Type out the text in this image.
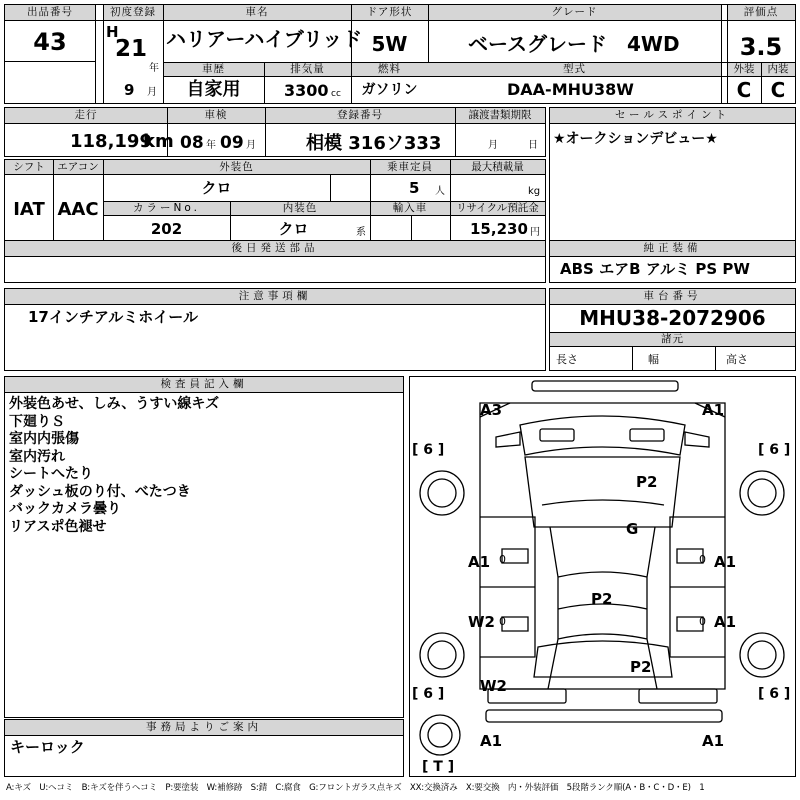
出品番号
43
初度登録
H
21
年
9 月
車名
ハリアーハイブリッド
ドア形状
5W
グレード
ベースグレード　4WD
評価点
3.5
外装	内装
C C
車歴
自家用
排気量
3300 cc
燃料
ガソリン
型式
DAA-MHU38W
走行
118,199
km
車検
08 年 09 月
登録番号
相模 316ソ333
譲渡書類期限
月	日
セールスポイント
★オークションデビュー★
シフト
IAT
エアコン
AAC
外装色
クロ
乗車定員
5 人
最大積載量
kg
カラーNo.
202
内装色
クロ	系
輸入車	リサイクル預託金
15,230 円
後日発送部品	純正装備
ABS エアB アルミ PS PW
注意事項欄
17インチアルミホイール
車台番号
MHU38-2072906
諸元
長さ	幅	高さ
検査員記入欄
外装色あせ、しみ、うすい線キズ
下廻りＳ
室内内張傷
室内汚れ
シートへたり
ダッシュ板のり付、べたつき
バックカメラ曇り
リアスポ色褪せ
事務局よりご案内
キーロック
[ 6 ]	[ 6 ]
[ 6 ]	[ 6 ]
[ T ]
A3	A1
P2
G
A1	A1
P2
W2	A1
P2
W2
A1	A1
0	0
0	0
A:キズ　U:ヘコミ　B:キズを伴うヘコミ　P:要塗装　W:補修跡　S:錆　C:腐食　G:フロントガラス点キズ　XX:交換済み　X:要交換　内・外装評価　5段階ランク順(A・B・C・D・E)　1
